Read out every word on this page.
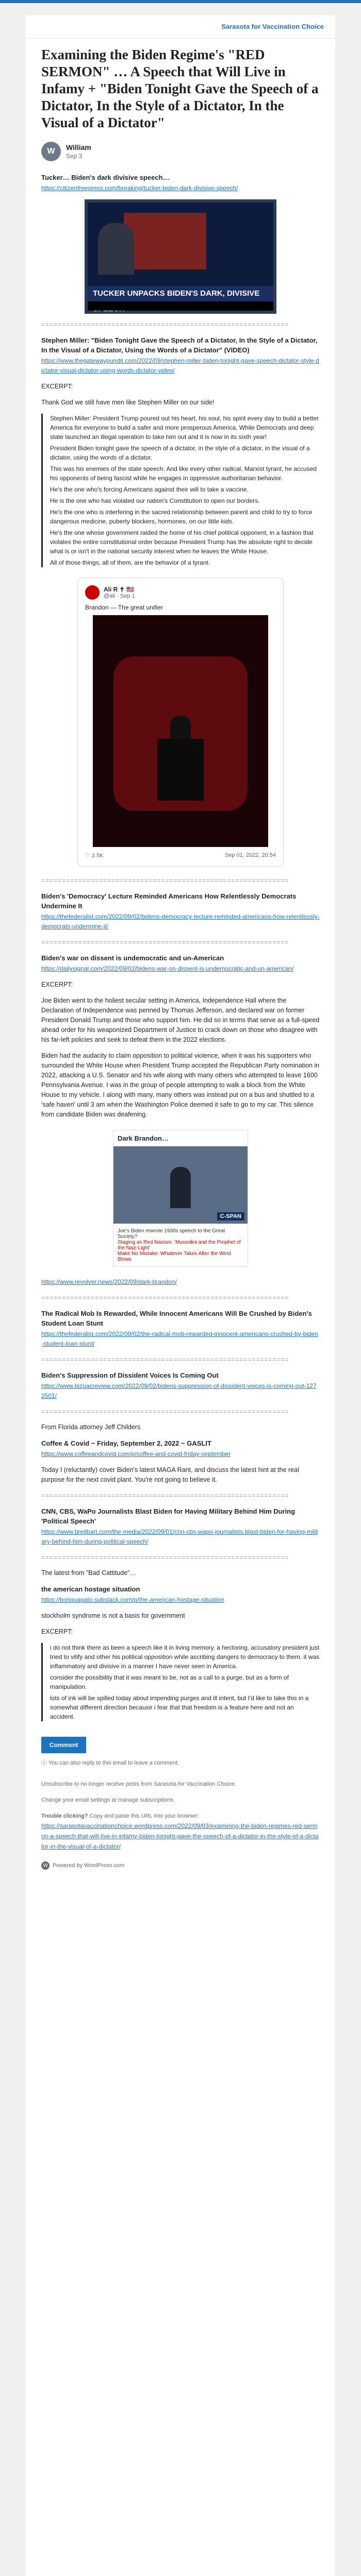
Sarasota for Vaccination Choice
Examining the Biden Regime's "RED SERMON" … A Speech that Will Live in Infamy + "Biden Tonight Gave the Speech of a Dictator, In the Style of a Dictator, In the Visual of a Dictator"
W	William
Sep 3

Tucker… Biden's dark divisive speech…

https://citizenfreepress.com/breaking/tucker-biden-dark-divisive-speech/

TUCKER UNPACKS BIDEN'S DARK, DIVISIVE
============================================================

Stephen Miller: "Biden Tonight Gave the Speech of a Dictator, In the Style of a Dictator, In the Visual of a Dictator, Using the Words of a Dictator" (VIDEO)

https://www.thegatewaypundit.com/2022/09/stephen-miller-biden-tonight-gave-speech-dictator-style-dictator-visual-dictator-using-words-dictator-video/

EXCERPT:

Thank God we still have men like Stephen Miller on our side!

Stephen Miller: President Trump poured out his heart, his soul, his spirit every day to build a better America for everyone to build a safer and more prosperous America. While Democrats and deep state launched an illegal operation to take him out and it is now in its sixth year!

President Biden tonight gave the speech of a dictator, in the style of a dictator, in the visual of a dictator, using the words of a dictator.

This was his enemies of the state speech. And like every other radical, Marxist tyrant, he accused his opponents of being fascist while he engages in oppressive authoritarian behavior.

He's the one who's forcing Americans against their will to take a vaccine.

He is the one who has violated our nation's Constitution to open our borders.

He's the one who is interfering in the sacred relationship between parent and child to try to force dangerous medicine, puberty blockers, hormones, on our little kids.

He's the one whose government raided the home of his chief political opponent, in a fashion that violates the entire constitutional order because President Trump has the absolute right to decide what is or isn't in the national security interest when he leaves the White House.

All of those things, all of them, are the behavior of a tyrant.

Ali R ✝ 🇺🇸
@ali · Sep 1
Brandon — The great unifier
♡ 2.5K	Sep 01, 2022, 20:54
============================================================

Biden's 'Democracy' Lecture Reminded Americans How Relentlessly Democrats Undermine It

https://thefederalist.com/2022/09/02/bidens-democracy-lecture-reminded-americans-how-relentlessly-democrats-undermine-it/

============================================================

Biden's war on dissent is undemocratic and un-American

https://dailysignal.com/2022/09/02/bidens-war-on-dissent-is-undemocratic-and-un-american/

EXCERPT:

Joe Biden went to the holiest secular setting in America, Independence Hall where the Declaration of Independence was penned by Thomas Jefferson, and declared war on former President Donald Trump and those who support him. He did so in terms that serve as a full-speed ahead order for his weaponized Department of Justice to crack down on those who disagree with his far-left policies and seek to defeat them in the 2022 elections.

Biden had the audacity to claim opposition to political violence, when it was his supporters who surrounded the White House when President Trump accepted the Republican Party nomination in 2022, attacking a U.S. Senator and his wife along with many others who attempted to leave 1600 Pennsylvania Avenue. I was in the group of people attempting to walk a block from the White House to my vehicle. I along with many, many others was instead put on a bus and shuttled to a 'safe haven' until 3 am when the Washington Police deemed it safe to go to my car. This silence from candidate Biden was deafening.

Dark Brandon…
C-SPAN
Joe's Biden rewrote 1930s speech to the Great Society?
Staging as Red Nazism: 'Mussolini and the Prophet of the Nazi Light'
Make No Mistake: Whatever Takes After the Wind Blows

https://www.revolver.news/2022/09/dark-brandon/

============================================================

The Radical Mob Is Rewarded, While Innocent Americans Will Be Crushed by Biden's Student Loan Stunt

https://thefederalist.com/2022/09/02/the-radical-mob-rewarded-innocent-americans-crushed-by-biden-student-loan-stunt/

============================================================

Biden's Suppression of Dissident Voices Is Coming Out

https://www.bizpacreview.com/2022/09/02/bidens-suppression-of-dissident-voices-is-coming-out-1272501/

============================================================

From Florida attorney Jeff Childers

Coffee & Covid ~ Friday, September 2, 2022 ~ GASLIT

https://www.coffeeandcovid.com/p/coffee-and-covid-friday-september

Today I (reluctantly) cover Biden's latest MAGA Rant, and discuss the latest hint at the real purpose for the next covid plant. You're not going to believe it.

============================================================

CNN, CBS, WaPo Journalists Blast Biden for Having Military Behind Him During 'Political Speech'

https://www.breitbart.com/the-media/2022/09/01/cnn-cbs-wapo-journalists-blast-biden-for-having-military-behind-him-during-political-speech/

============================================================

The latest from "Bad Cattitude"…

the american hostage situation

https://boriquagato.substack.com/p/the-american-hostage-situation

stockholm syndrome is not a basis for government

EXCERPT:

i do not think there as been a speech like it in living memory. a hectoring, accusatory president just tried to vilify and other his political opposition while ascribing dangers to democracy to them. it was inflammatory and divisive in a manner I have never seen in America.

consider the possibility that it was meant to be, not as a call to a purge, but as a form of manipulation.

lots of ink will be spilled today about impending purges and ill intent, but I'd like to take this in a somewhat different direction because i fear that that freedom is a feature here and not an accident.

Comment

ⓘ You can also reply to this email to leave a comment.

Unsubscribe to no longer receive posts from Sarasota for Vaccination Choice.

Change your email settings at manage subscriptions.

Trouble clicking? Copy and paste this URL into your browser:
https://sarasotavaccinationchoice.wordpress.com/2022/09/03/examining-the-biden-regimes-red-sermon-a-speech-that-will-live-in-infamy-biden-tonight-gave-the-speech-of-a-dictator-in-the-style-of-a-dictator-in-the-visual-of-a-dictator/

W Powered by WordPress.com
